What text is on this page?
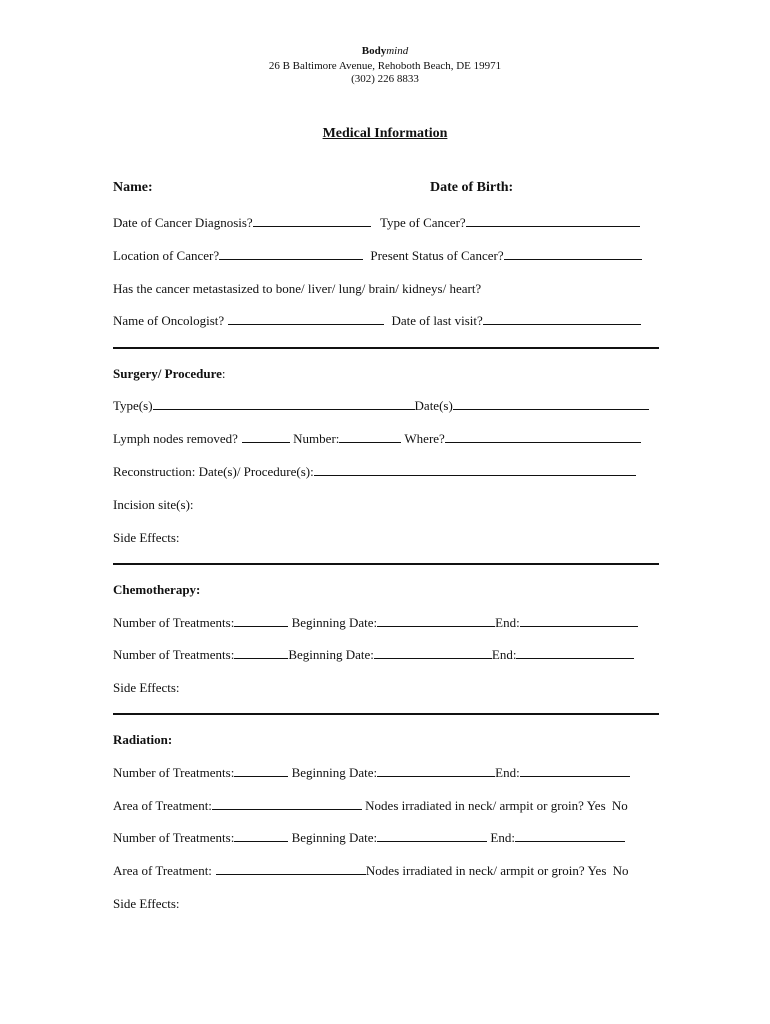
Bodymind
26 B Baltimore Avenue, Rehoboth Beach, DE 19971
(302) 226 8833
Medical Information
Name:	Date of Birth:
Date of Cancer Diagnosis?	Type of Cancer?
Location of Cancer?	Present Status of Cancer?
Has the cancer metastasized to bone/ liver/ lung/ brain/ kidneys/ heart?
Name of Oncologist?	Date of last visit?
Surgery/ Procedure:
Type(s)	Date(s)
Lymph nodes removed?	Number:	Where?
Reconstruction: Date(s)/ Procedure(s):
Incision site(s):
Side Effects:
Chemotherapy:
Number of Treatments:	Beginning Date:	End:
Number of Treatments:	Beginning Date:	End:
Side Effects:
Radiation:
Number of Treatments:	Beginning Date:	End:
Area of Treatment:	Nodes irradiated in neck/ armpit or groin? Yes No
Number of Treatments:	Beginning Date:	End:
Area of Treatment:	Nodes irradiated in neck/ armpit or groin? Yes No
Side Effects:
